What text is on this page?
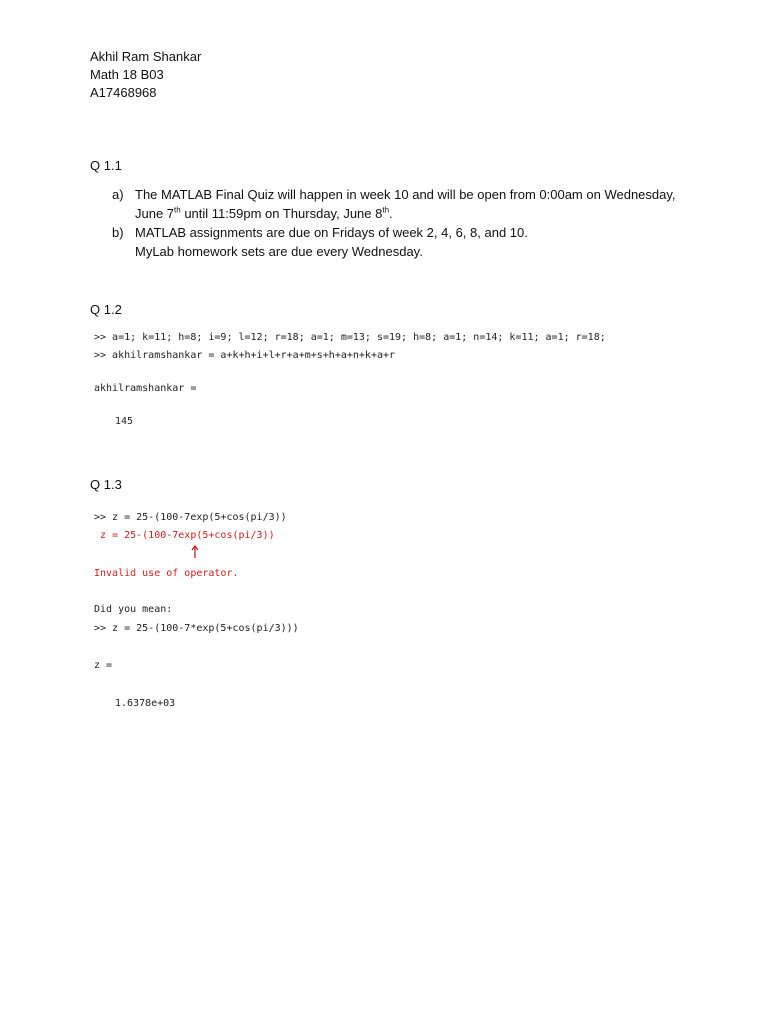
Akhil Ram Shankar
Math 18 B03
A17468968
Q 1.1
a) The MATLAB Final Quiz will happen in week 10 and will be open from 0:00am on Wednesday,
June 7th until 11:59pm on Thursday, June 8th.
b) MATLAB assignments are due on Fridays of week 2, 4, 6, 8, and 10.
MyLab homework sets are due every Wednesday.
Q 1.2
>> a=1; k=11; h=8; i=9; l=12; r=18; a=1; m=13; s=19; h=8; a=1; n=14; k=11; a=1; r=18;
>> akhilramshankar = a+k+h+i+l+r+a+m+s+h+a+n+k+a+r
akhilramshankar =
145
Q 1.3
>> z = 25-(100-7exp(5+cos(pi/3))
z = 25-(100-7exp(5+cos(pi/3))
Invalid use of operator.
Did you mean:
>> z = 25-(100-7*exp(5+cos(pi/3)))
z =
1.6378e+03
